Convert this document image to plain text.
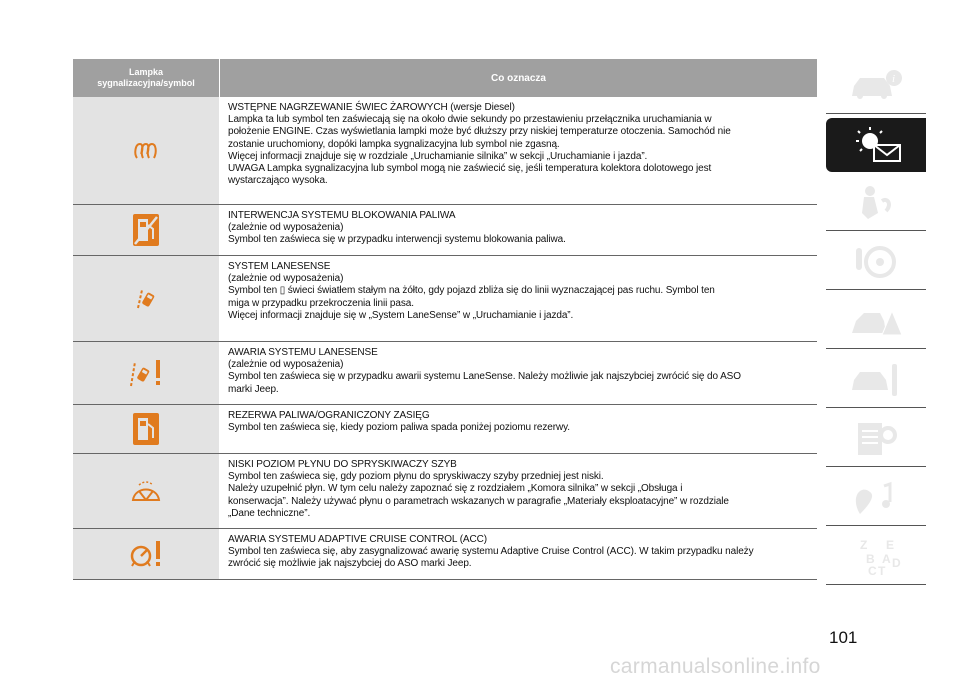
Lampka
sygnalizacyjna/symbol	Co oznacza
WSTĘPNE NAGRZEWANIE ŚWIEC ŻAROWYCH (wersje Diesel)
Lampka ta lub symbol ten zaświecają się na około dwie sekundy po przestawieniu przełącznika uruchamiania w
położenie ENGINE. Czas wyświetlania lampki może być dłuższy przy niskiej temperaturze otoczenia. Samochód nie
zostanie uruchomiony, dopóki lampka sygnalizacyjna lub symbol nie zgasną.
Więcej informacji znajduje się w rozdziale „Uruchamianie silnika” w sekcji „Uruchamianie i jazda”.
UWAGA Lampka sygnalizacyjna lub symbol mogą nie zaświecić się, jeśli temperatura kolektora dolotowego jest
wystarczająco wysoka.
INTERWENCJA SYSTEMU BLOKOWANIA PALIWA
(zależnie od wyposażenia)
Symbol ten zaświeca się w przypadku interwencji systemu blokowania paliwa.
SYSTEM LANESENSE
(zależnie od wyposażenia)
Symbol ten ▯ świeci światłem stałym na żółto, gdy pojazd zbliża się do linii wyznaczającej pas ruchu. Symbol ten
miga w przypadku przekroczenia linii pasa.
Więcej informacji znajduje się w „System LaneSense” w „Uruchamianie i jazda”.
AWARIA SYSTEMU LANESENSE
(zależnie od wyposażenia)
Symbol ten zaświeca się w przypadku awarii systemu LaneSense. Należy możliwie jak najszybciej zwrócić się do ASO
marki Jeep.
REZERWA PALIWA/OGRANICZONY ZASIĘG
Symbol ten zaświeca się, kiedy poziom paliwa spada poniżej poziomu rezerwy.
NISKI POZIOM PŁYNU DO SPRYSKIWACZY SZYB
Symbol ten zaświeca się, gdy poziom płynu do spryskiwaczy szyby przedniej jest niski.
Należy uzupełnić płyn. W tym celu należy zapoznać się z rozdziałem „Komora silnika” w sekcji „Obsługa i
konserwacja”. Należy używać płynu o parametrach wskazanych w paragrafie „Materiały eksploatacyjne” w rozdziale
„Dane techniczne”.
AWARIA SYSTEMU ADAPTIVE CRUISE CONTROL (ACC)
Symbol ten zaświeca się, aby zasygnalizować awarię systemu Adaptive Cruise Control (ACC). W takim przypadku należy
zwrócić się możliwie jak najszybciej do ASO marki Jeep.
i
Z E
A
B D
C T
101
carmanualsonline.info
